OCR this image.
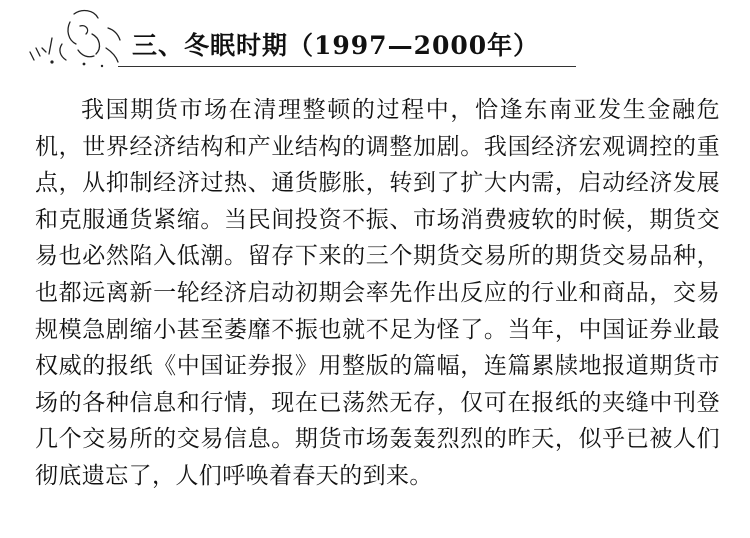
三、冬眠时期（1997—2000年）

我国期货市场在清理整顿的过程中，恰逢东南亚发生金融危机，世界经济结构和产业结构的调整加剧。我国经济宏观调控的重点，从抑制经济过热、通货膨胀，转到了扩大内需，启动经济发展和克服通货紧缩。当民间投资不振、市场消费疲软的时候，期货交易也必然陷入低潮。留存下来的三个期货交易所的期货交易品种，也都远离新一轮经济启动初期会率先作出反应的行业和商品，交易规模急剧缩小甚至萎靡不振也就不足为怪了。当年，中国证券业最权威的报纸《中国证券报》用整版的篇幅，连篇累牍地报道期货市场的各种信息和行情，现在已荡然无存，仅可在报纸的夹缝中刊登几个交易所的交易信息。期货市场轰轰烈烈的昨天，似乎已被人们彻底遗忘了，人们呼唤着春天的到来。
